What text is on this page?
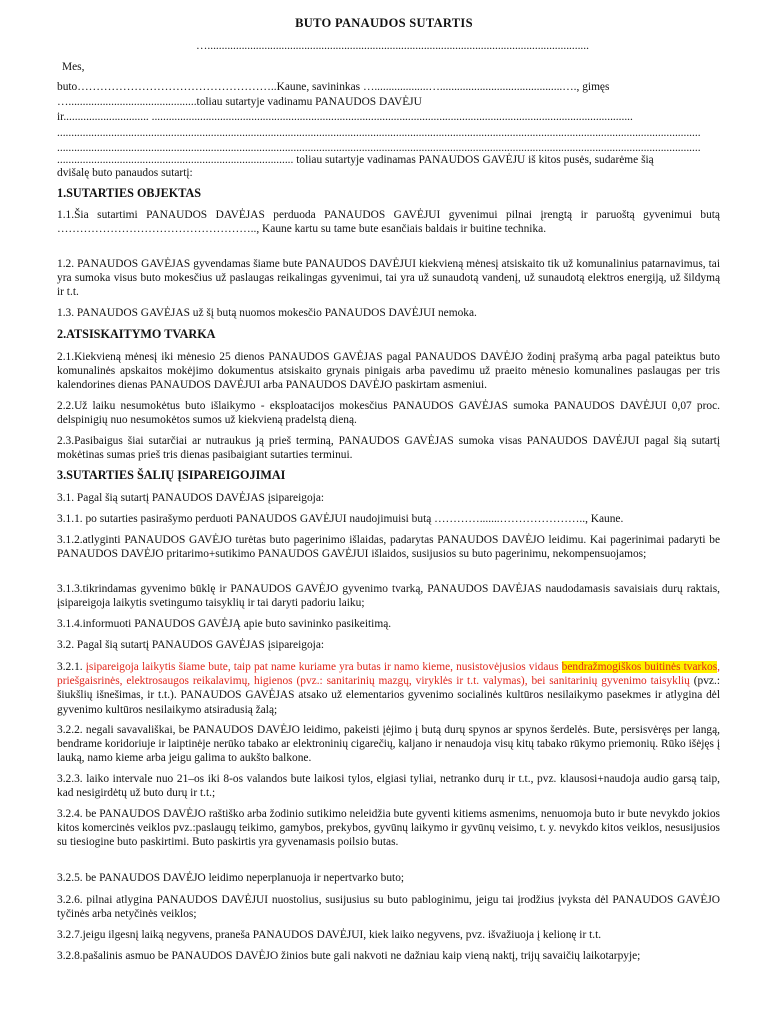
BUTO PANAUDOS SUTARTIS

…......................................................................................................................................

Mes,

buto……………………………………………..Kaune, savininkas …...................…...........................................…., gimęs

….............................................toliau sutartyje vadinamu PANAUDOS DAVĖJU

ir.............................. .........................................................................................................................................................................

..................................................................................................................................................................................................................................

..................................................................................................................................................................................................................................

................................................................................... toliau sutartyje vadinamas PANAUDOS GAVĖJU iš kitos pusės, sudarėme šią

dvišalę buto panaudos sutartį:

1.SUTARTIES OBJEKTAS

1.1.Šia sutartimi PANAUDOS DAVĖJAS perduoda PANAUDOS GAVĖJUI gyvenimui pilnai įrengtą ir paruoštą gyvenimui butą …………………………………………….., Kaune kartu su tame bute esančiais baldais ir buitine technika.

1.2. PANAUDOS GAVĖJAS gyvendamas šiame bute PANAUDOS DAVĖJUI kiekvieną mėnesį atsiskaito tik už komunalinius patarnavimus, tai yra sumoka visus buto mokesčius už paslaugas reikalingas gyvenimui, tai yra už sunaudotą vandenį, už sunaudotą elektros energiją, už šildymą ir t.t.

1.3. PANAUDOS GAVĖJAS už šį butą nuomos mokesčio PANAUDOS DAVĖJUI nemoka.

2.ATSISKAITYMO TVARKA

2.1.Kiekvieną mėnesį iki mėnesio 25 dienos PANAUDOS GAVĖJAS pagal PANAUDOS DAVĖJO žodinį prašymą arba pagal pateiktus buto komunalinės apskaitos mokėjimo dokumentus atsiskaito grynais pinigais arba pavedimu už praeito mėnesio komunalines paslaugas per tris kalendorines dienas PANAUDOS DAVĖJUI arba PANAUDOS DAVĖJO paskirtam asmeniui.

2.2.Už laiku nesumokėtus buto išlaikymo - eksploatacijos mokesčius PANAUDOS GAVĖJAS sumoka PANAUDOS DAVĖJUI 0,07 proc. delspinigių nuo nesumokėtos sumos už kiekvieną pradelstą dieną.

2.3.Pasibaigus šiai sutarčiai ar nutraukus ją prieš terminą, PANAUDOS GAVĖJAS sumoka visas PANAUDOS DAVĖJUI pagal šią sutartį mokėtinas sumas prieš tris dienas pasibaigiant sutarties terminui.

3.SUTARTIES ŠALIŲ ĮSIPAREIGOJIMAI

3.1. Pagal šią sutartį PANAUDOS DAVĖJAS įsipareigoja:

3.1.1. po sutarties pasirašymo perduoti PANAUDOS GAVĖJUI naudojimuisi butą ………….......………………….., Kaune.

3.1.2.atlyginti PANAUDOS GAVĖJO turėtas buto pagerinimo išlaidas, padarytas PANAUDOS DAVĖJO leidimu. Kai pagerinimai padaryti be PANAUDOS DAVĖJO pritarimo+sutikimo PANAUDOS GAVĖJUI išlaidos, susijusios su buto pagerinimu, nekompensuojamos;

3.1.3.tikrindamas gyvenimo būklę ir PANAUDOS GAVĖJO gyvenimo tvarką, PANAUDOS DAVĖJAS naudodamasis savaisiais durų raktais, įsipareigoja laikytis svetingumo taisyklių ir tai daryti padoriu laiku;

3.1.4.informuoti PANAUDOS GAVĖJĄ apie buto savininko pasikeitimą.

3.2. Pagal šią sutartį PANAUDOS GAVĖJAS įsipareigoja:

3.2.1. įsipareigoja laikytis šiame bute, taip pat name kuriame yra butas ir namo kieme, nusistovėjusios vidaus bendražmogiškos buitinės tvarkos, priešgaisrinės, elektrosaugos reikalavimų, higienos (pvz.: sanitarinių mazgų, viryklės ir t.t. valymas), bei sanitarinių gyvenimo taisyklių (pvz.: šiukšlių išnešimas, ir t.t.). PANAUDOS GAVĖJAS atsako už elementarios gyvenimo socialinės kultūros nesilaikymo pasekmes ir atlygina dėl gyvenimo kultūros nesilaikymo atsiradusią žalą;

3.2.2. negali savavališkai, be PANAUDOS DAVĖJO leidimo, pakeisti įėjimo į butą durų spynos ar spynos šerdelės. Bute, persisvėręs per langą, bendrame koridoriuje ir laiptinėje nerūko tabako ar elektroninių cigarečių, kaljano ir nenaudoja visų kitų tabako rūkymo priemonių. Rūko išėjęs į lauką, namo kieme arba jeigu galima to aukšto balkone.

3.2.3. laiko intervale nuo 21–os iki 8-os valandos bute laikosi tylos, elgiasi tyliai, netranko durų ir t.t., pvz. klausosi+naudoja audio garsą taip, kad nesigirdėtų už buto durų ir t.t.;

3.2.4. be PANAUDOS DAVĖJO raštiško arba žodinio sutikimo neleidžia bute gyventi kitiems asmenims, nenuomoja buto ir bute nevykdo jokios kitos komercinės veiklos pvz.:paslaugų teikimo, gamybos, prekybos, gyvūnų laikymo ir gyvūnų veisimo, t. y. nevykdo kitos veiklos, nesusijusios su tiesiogine buto paskirtimi. Buto paskirtis yra gyvenamasis poilsio butas.

3.2.5. be PANAUDOS DAVĖJO leidimo neperplanuoja ir nepertvarko buto;

3.2.6. pilnai atlygina PANAUDOS DAVĖJUI nuostolius, susijusius su buto pabloginimu, jeigu tai įrodžius įvyksta dėl PANAUDOS GAVĖJO tyčinės arba netyčinės veiklos;

3.2.7.jeigu ilgesnį laiką negyvens, praneša PANAUDOS DAVĖJUI, kiek laiko negyvens, pvz. išvažiuoja į kelionę ir t.t.

3.2.8.pašalinis asmuo be PANAUDOS DAVĖJO žinios bute gali nakvoti ne dažniau kaip vieną naktį, trijų savaičių laikotarpyje;
